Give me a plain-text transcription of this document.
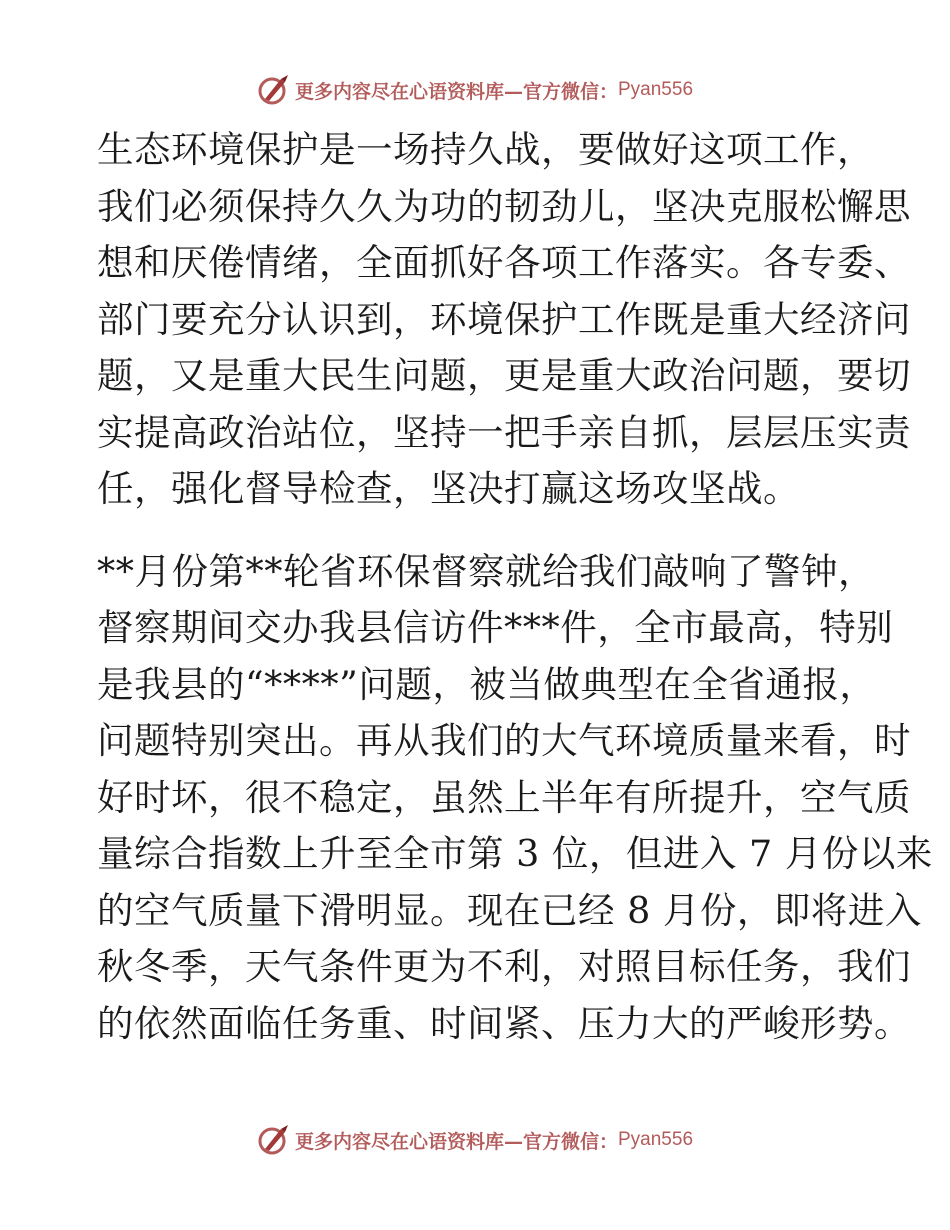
更多内容尽在心语资料库—官方微信： Pyan556

生态环境保护是一场持久战，要做好这项工作，
我们必须保持久久为功的韧劲儿，坚决克服松懈思
想和厌倦情绪，全面抓好各项工作落实。各专委、
部门要充分认识到，环境保护工作既是重大经济问
题，又是重大民生问题，更是重大政治问题，要切
实提高政治站位，坚持一把手亲自抓，层层压实责
任，强化督导检查，坚决打赢这场攻坚战。

**月份第**轮省环保督察就给我们敲响了警钟，
督察期间交办我县信访件***件，全市最高，特别
是我县的“****”问题，被当做典型在全省通报，
问题特别突出。再从我们的大气环境质量来看，时
好时坏，很不稳定，虽然上半年有所提升，空气质
量综合指数上升至全市第 3 位，但进入 7 月份以来
的空气质量下滑明显。现在已经 8 月份，即将进入
秋冬季，天气条件更为不利，对照目标任务，我们
的依然面临任务重、时间紧、压力大的严峻形势。

更多内容尽在心语资料库—官方微信： Pyan556
